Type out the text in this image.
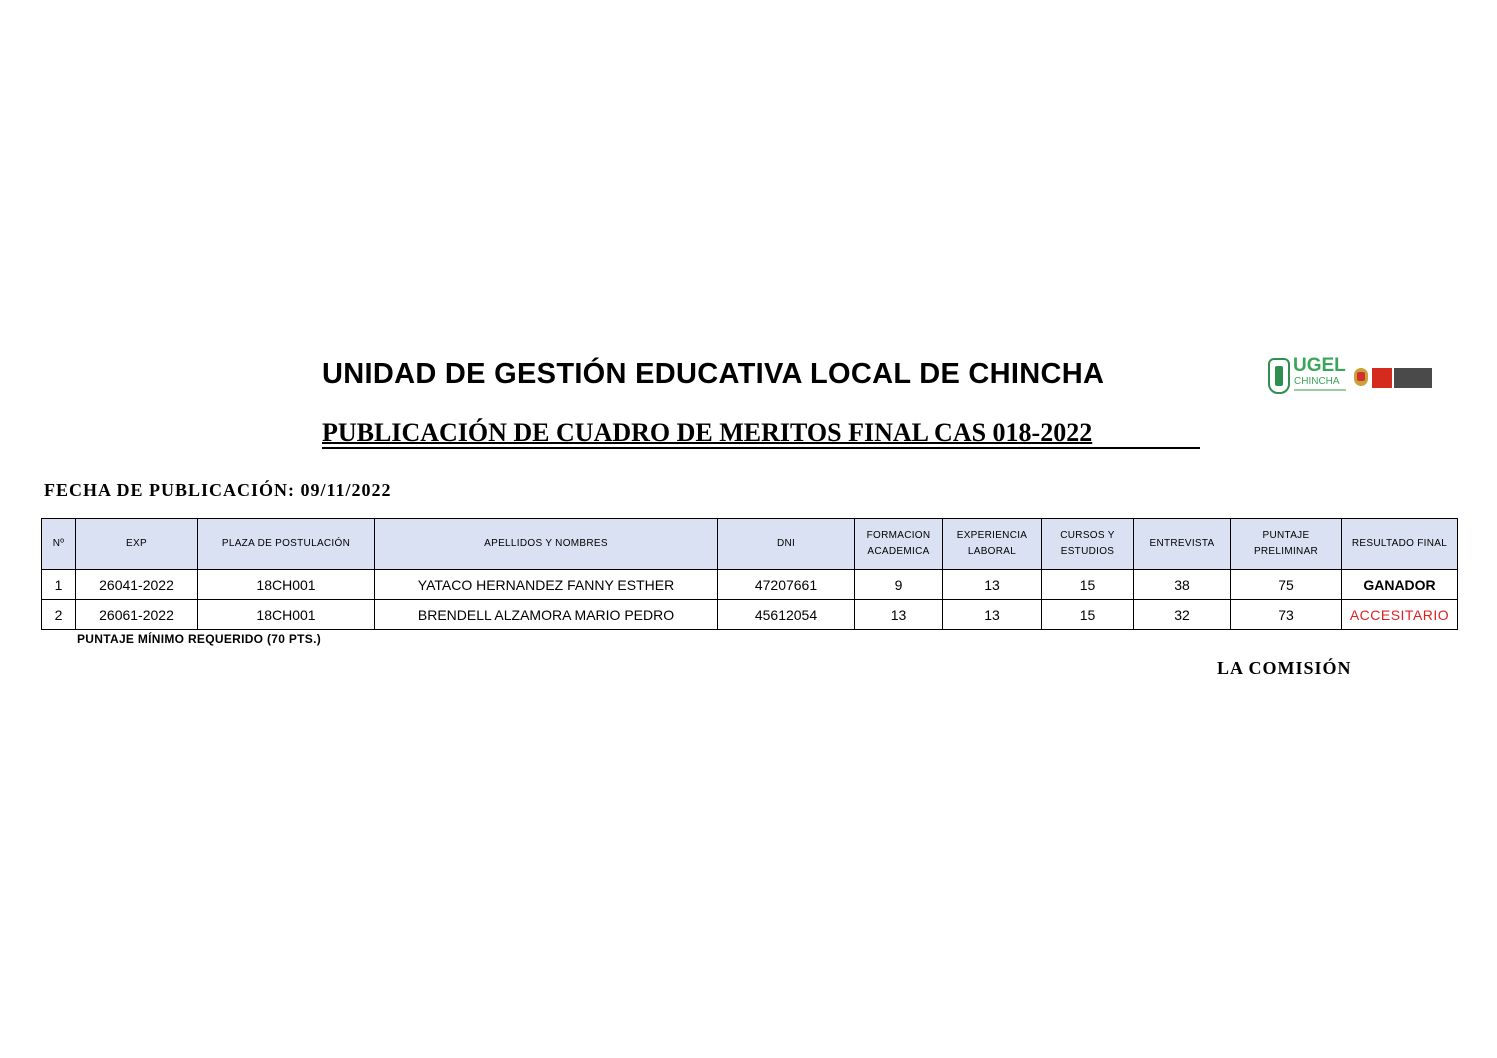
UNIDAD DE GESTIÓN EDUCATIVA LOCAL DE CHINCHA	UGEL
CHINCHA
PUBLICACIÓN DE CUADRO DE MERITOS FINAL CAS 018-2022
FECHA DE PUBLICACIÓN: 09/11/2022
Nº	EXP	PLAZA DE POSTULACIÓN	APELLIDOS Y NOMBRES	DNI	FORMACION ACADEMICA	EXPERIENCIA LABORAL	CURSOS Y ESTUDIOS	ENTREVISTA	PUNTAJE PRELIMINAR	RESULTADO FINAL
1	26041-2022	18CH001	YATACO HERNANDEZ FANNY ESTHER	47207661	9	13	15	38	75	GANADOR
2	26061-2022	18CH001	BRENDELL ALZAMORA MARIO PEDRO	45612054	13	13	15	32	73	ACCESITARIO
PUNTAJE MÍNIMO REQUERIDO (70 PTS.)
LA COMISIÓN
